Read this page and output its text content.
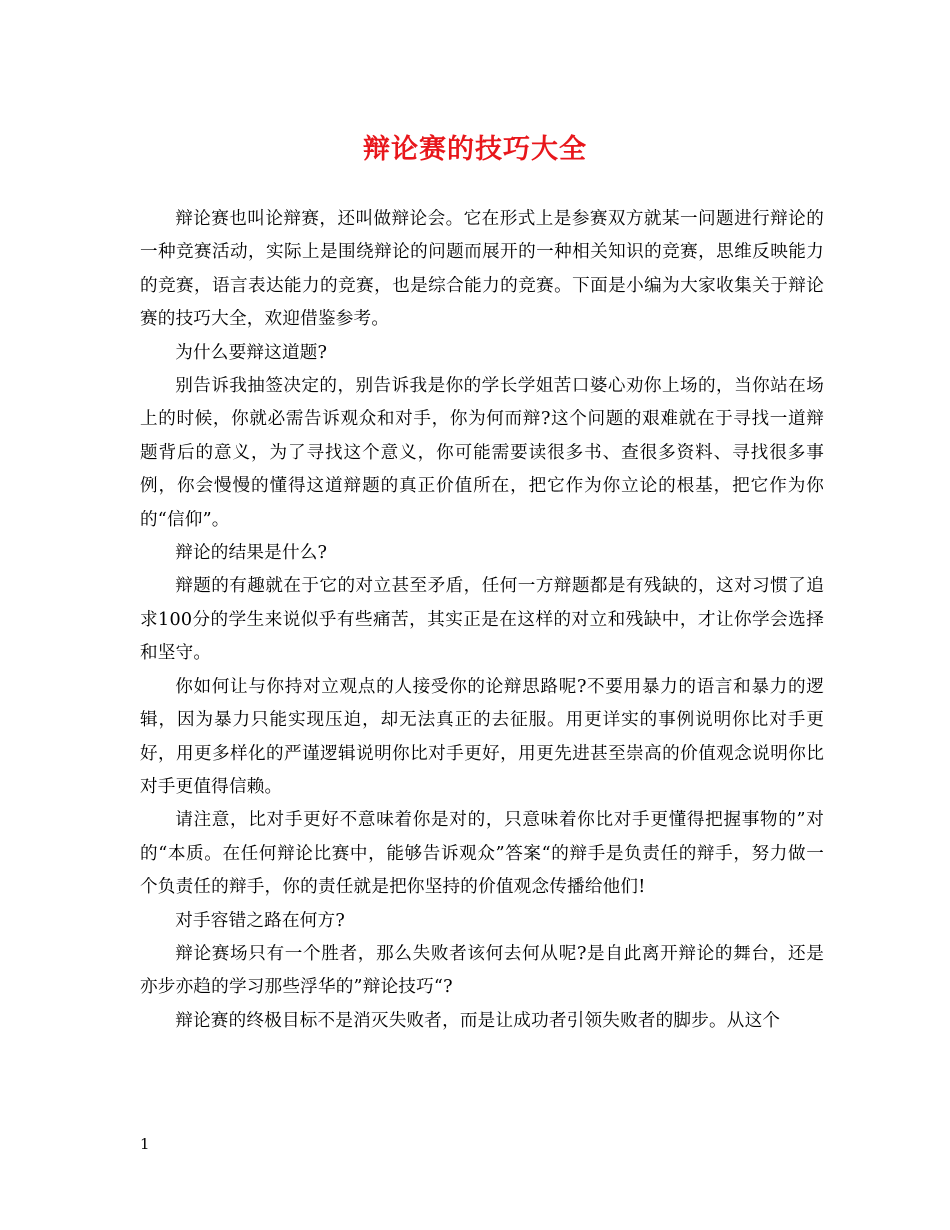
辩论赛的技巧大全

辩论赛也叫论辩赛，还叫做辩论会。它在形式上是参赛双方就某一问题进行辩论的一种竞赛活动，实际上是围绕辩论的问题而展开的一种相关知识的竞赛，思维反映能力的竞赛，语言表达能力的竞赛，也是综合能力的竞赛。下面是小编为大家收集关于辩论赛的技巧大全，欢迎借鉴参考。

为什么要辩这道题?

别告诉我抽签决定的，别告诉我是你的学长学姐苦口婆心劝你上场的，当你站在场上的时候，你就必需告诉观众和对手，你为何而辩?这个问题的艰难就在于寻找一道辩题背后的意义，为了寻找这个意义，你可能需要读很多书、查很多资料、寻找很多事例，你会慢慢的懂得这道辩题的真正价值所在，把它作为你立论的根基，把它作为你的“信仰”。

辩论的结果是什么?

辩题的有趣就在于它的对立甚至矛盾，任何一方辩题都是有残缺的，这对习惯了追求100分的学生来说似乎有些痛苦，其实正是在这样的对立和残缺中，才让你学会选择和坚守。

你如何让与你持对立观点的人接受你的论辩思路呢?不要用暴力的语言和暴力的逻辑，因为暴力只能实现压迫，却无法真正的去征服。用更详实的事例说明你比对手更好，用更多样化的严谨逻辑说明你比对手更好，用更先进甚至崇高的价值观念说明你比对手更值得信赖。

请注意，比对手更好不意味着你是对的，只意味着你比对手更懂得把握事物的”对的“本质。在任何辩论比赛中，能够告诉观众”答案“的辩手是负责任的辩手，努力做一个负责任的辩手，你的责任就是把你坚持的价值观念传播给他们!

对手容错之路在何方?

辩论赛场只有一个胜者，那么失败者该何去何从呢?是自此离开辩论的舞台，还是亦步亦趋的学习那些浮华的”辩论技巧“?

辩论赛的终极目标不是消灭失败者，而是让成功者引领失败者的脚步。从这个

1
